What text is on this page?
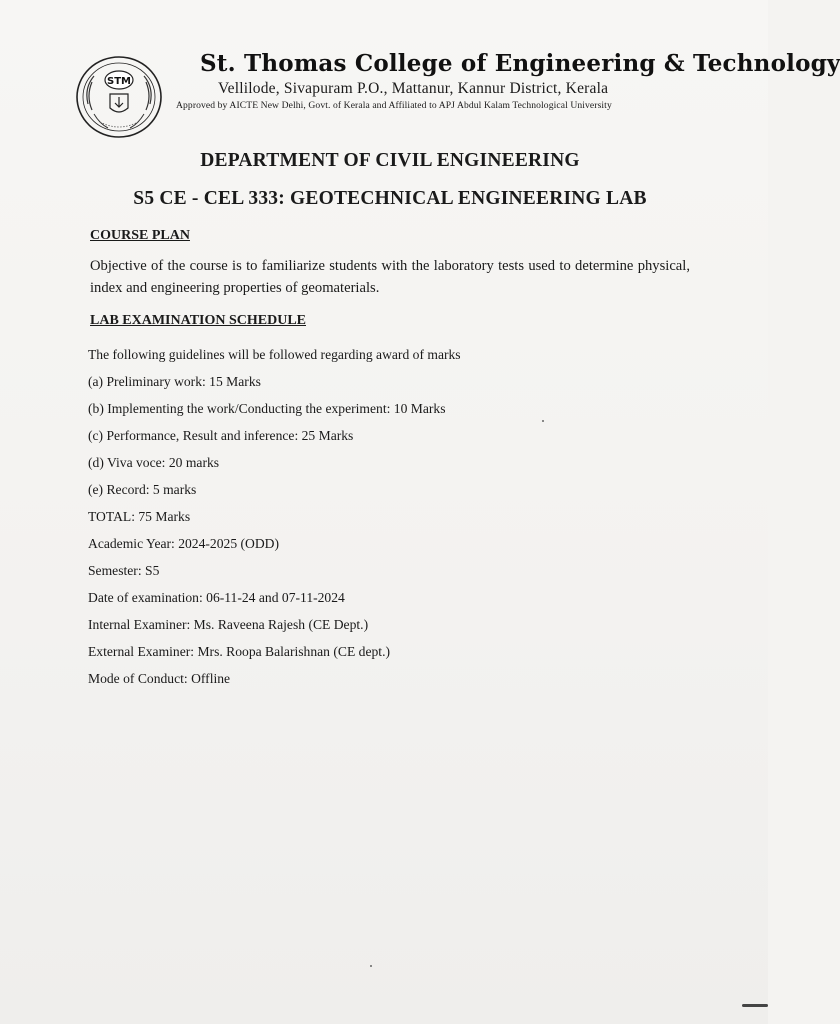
STM
St. Thomas College of Engineering & Technology
Vellilode, Sivapuram P.O., Mattanur, Kannur District, Kerala
Approved by AICTE New Delhi, Govt. of Kerala and Affiliated to APJ Abdul Kalam Technological University
DEPARTMENT OF CIVIL ENGINEERING
S5 CE - CEL 333: GEOTECHNICAL ENGINEERING LAB
COURSE PLAN
Objective of the course is to familiarize students with the laboratory tests used to determine physical, index and engineering properties of geomaterials.
LAB EXAMINATION SCHEDULE
The following guidelines will be followed regarding award of marks
(a) Preliminary work: 15 Marks
(b) Implementing the work/Conducting the experiment: 10 Marks
(c) Performance, Result and inference: 25 Marks
(d) Viva voce: 20 marks
(e) Record: 5 marks
TOTAL: 75 Marks
Academic Year: 2024-2025 (ODD)
Semester: S5
Date of examination: 06-11-24 and 07-11-2024
Internal Examiner: Ms. Raveena Rajesh (CE Dept.)
External Examiner: Mrs. Roopa Balarishnan (CE dept.)
Mode of Conduct: Offline
